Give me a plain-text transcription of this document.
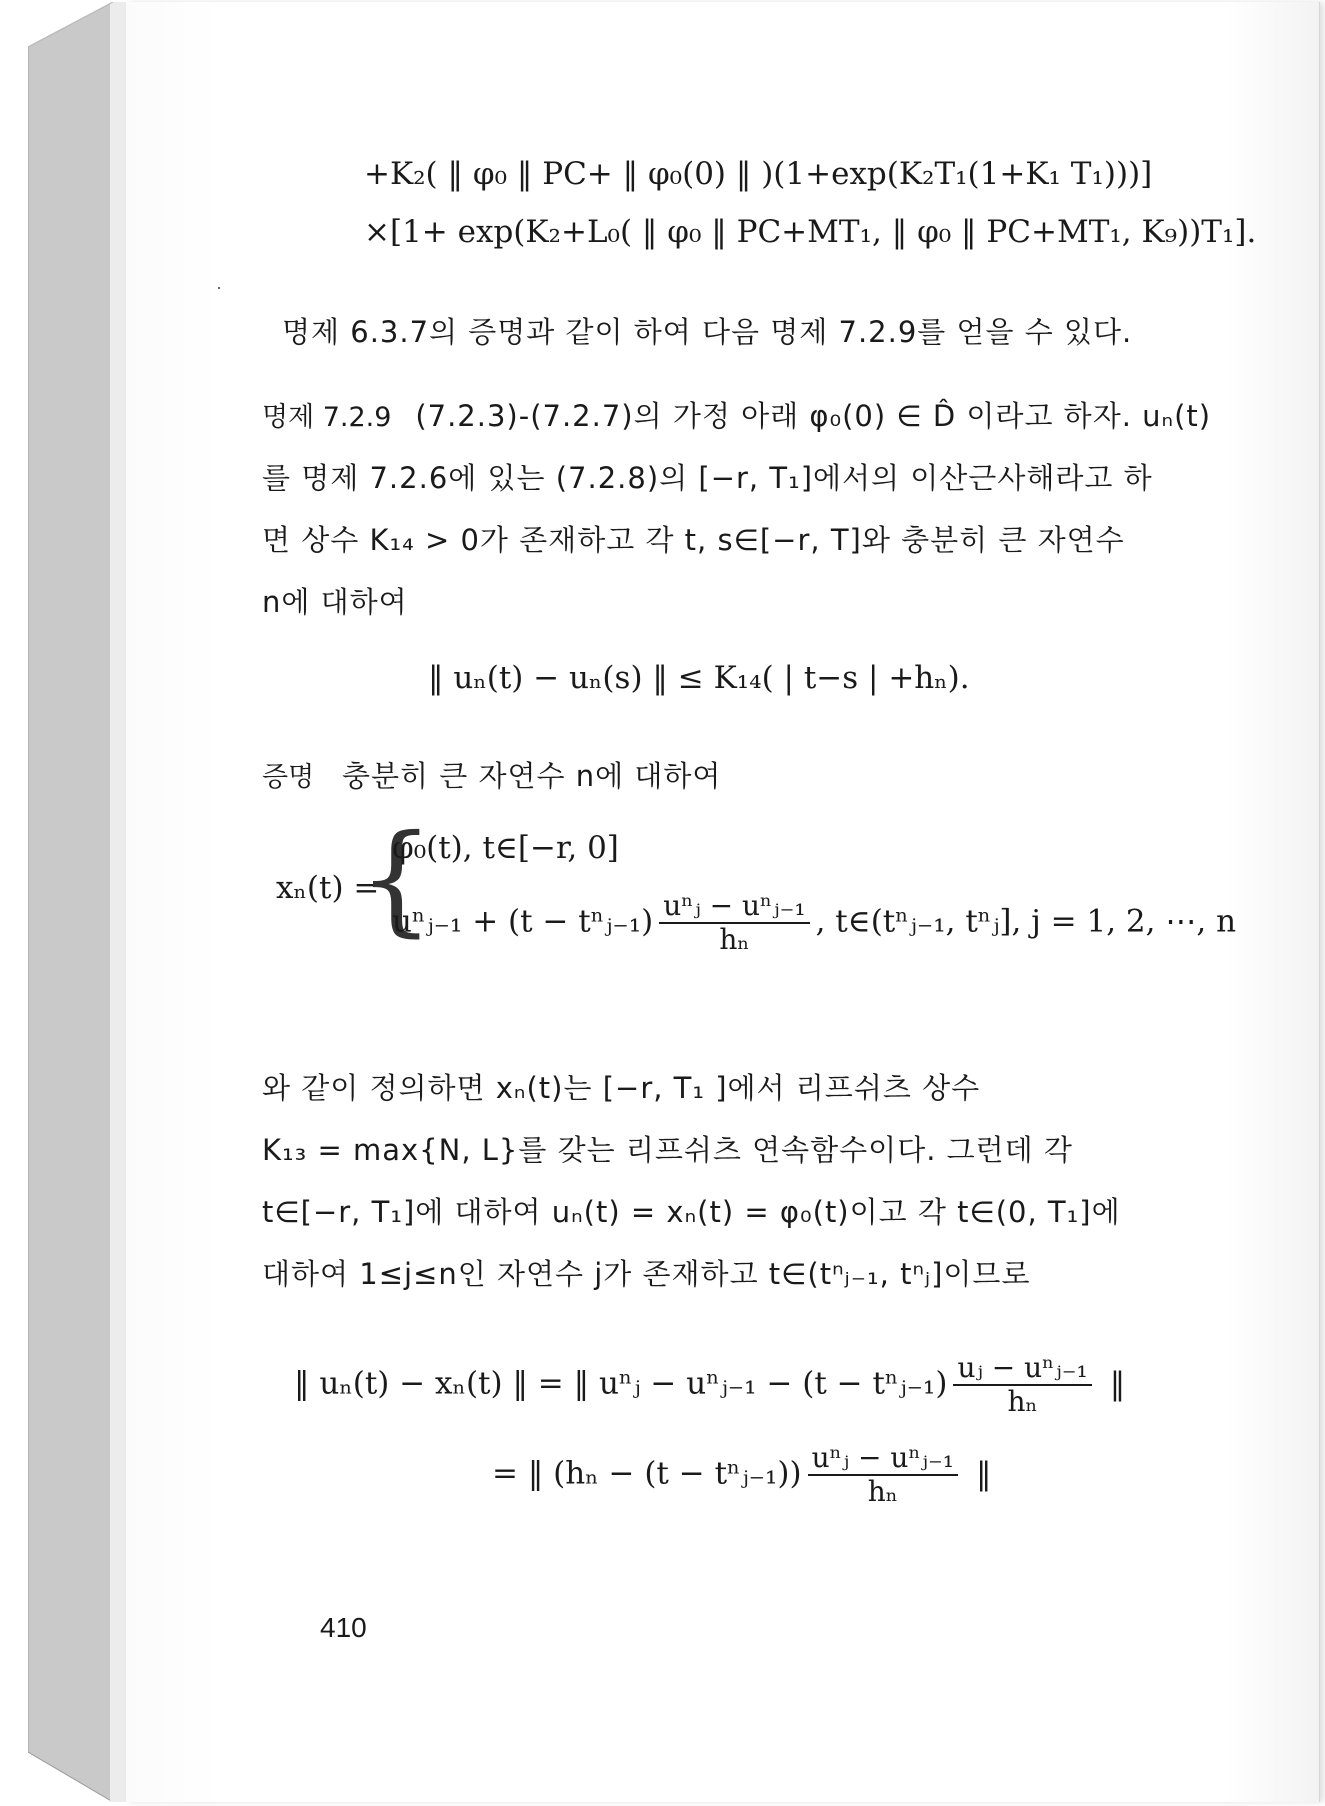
+K₂( ‖ φ₀ ‖ PC+ ‖ φ₀(0) ‖ )(1+exp(K₂T₁(1+K₁ T₁)))]
×[1+ exp(K₂+L₀( ‖ φ₀ ‖ PC+MT₁, ‖ φ₀ ‖ PC+MT₁, K₉))T₁].
명제 6.3.7의 증명과 같이 하여 다음 명제 7.2.9를 얻을 수 있다.
명제 7.2.9 (7.2.3)-(7.2.7)의 가정 아래 φ₀(0) ∈ D̂ 이라고 하자. uₙ(t)
를 명제 7.2.6에 있는 (7.2.8)의 [−r, T₁]에서의 이산근사해라고 하
면 상수 K₁₄ > 0가 존재하고 각 t, s∈[−r, T]와 충분히 큰 자연수
n에 대하여
‖ uₙ(t) − uₙ(s) ‖ ≤ K₁₄( | t−s | +hₙ).
증명 충분히 큰 자연수 n에 대하여
xₙ(t) =
{
φ₀(t), t∈[−r, 0]
uⁿⱼ₋₁ + (t − tⁿⱼ₋₁) uⁿⱼ − uⁿⱼ₋₁
hₙ	, t∈(tⁿⱼ₋₁, tⁿⱼ], j = 1, 2, ⋯, n
와 같이 정의하면 xₙ(t)는 [−r, T₁ ]에서 리프쉬츠 상수
K₁₃ = max{N, L}를 갖는 리프쉬츠 연속함수이다. 그런데 각
t∈[−r, T₁]에 대하여 uₙ(t) = xₙ(t) = φ₀(t)이고 각 t∈(0, T₁]에
대하여 1≤j≤n인 자연수 j가 존재하고 t∈(tⁿⱼ₋₁, tⁿⱼ]이므로
‖ uₙ(t) − xₙ(t) ‖ = ‖ uⁿⱼ − uⁿⱼ₋₁ − (t − tⁿⱼ₋₁) uⱼ − uⁿⱼ₋₁
hₙ	‖
= ‖ (hₙ − (t − tⁿⱼ₋₁)) uⁿⱼ − uⁿⱼ₋₁
hₙ	‖
410
